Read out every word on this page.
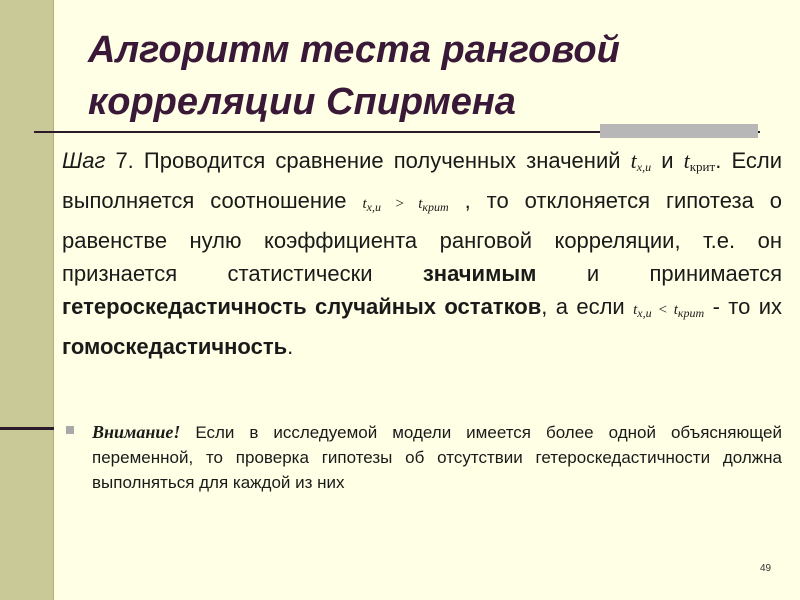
Алгоритм теста ранговой
корреляции Спирмена
Шаг 7. Проводится сравнение полученных значений $t_{x,u}$ и tкрит. Если выполняется соотношение $t_{x,u} > t_{крит}$ , то отклоняется гипотеза о равенстве нулю коэффициента ранговой корреляции, т.е. он признается статистически значимым и принимается гетероскедастичность случайных остатков, а если $t_{x,u} < t_{крит}$ - то их гомоскедастичность.
Внимание! Если в исследуемой модели имеется более одной объясняющей переменной, то проверка гипотезы об отсутствии гетероскедастичности должна выполняться для каждой из них
49
